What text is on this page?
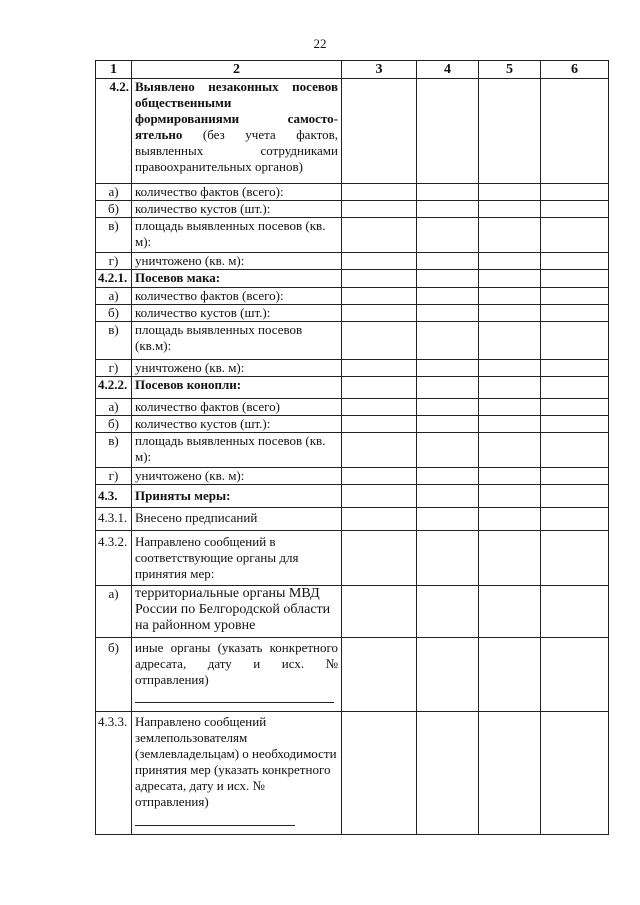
22
1	2	3	4	5	6
4.2.	Выявлено незаконных посевов общественными формированиями самосто-ятельно (без учета фактов, выявленных сотрудниками правоохранительных органов)				
а)	количество фактов (всего):				
б)	количество кустов (шт.):				
в)	площадь выявленных посевов (кв. м):				
г)	уничтожено (кв. м):				
4.2.1.	Посевов мака:				
а)	количество фактов (всего):				
б)	количество кустов (шт.):				
в)	площадь выявленных посевов (кв.м):				
г)	уничтожено (кв. м):				
4.2.2.	Посевов конопли:				
а)	количество фактов (всего)				
б)	количество кустов (шт.):				
в)	площадь выявленных посевов (кв. м):				
г)	уничтожено (кв. м):				
4.3.	Приняты меры:				
4.3.1.	Внесено предписаний				
4.3.2.	Направлено сообщений в соответствующие органы для принятия мер:				
а)	территориальные органы МВД России по Белгородской области на районном уровне				
б)	иные органы (указать конкретного адресата, дату и исх. № отправления)				

4.3.3.	Направлено сообщений землепользователям (землевладельцам) о необходимости принятия мер (указать конкретного адресата, дату и исх. № отправления)				
